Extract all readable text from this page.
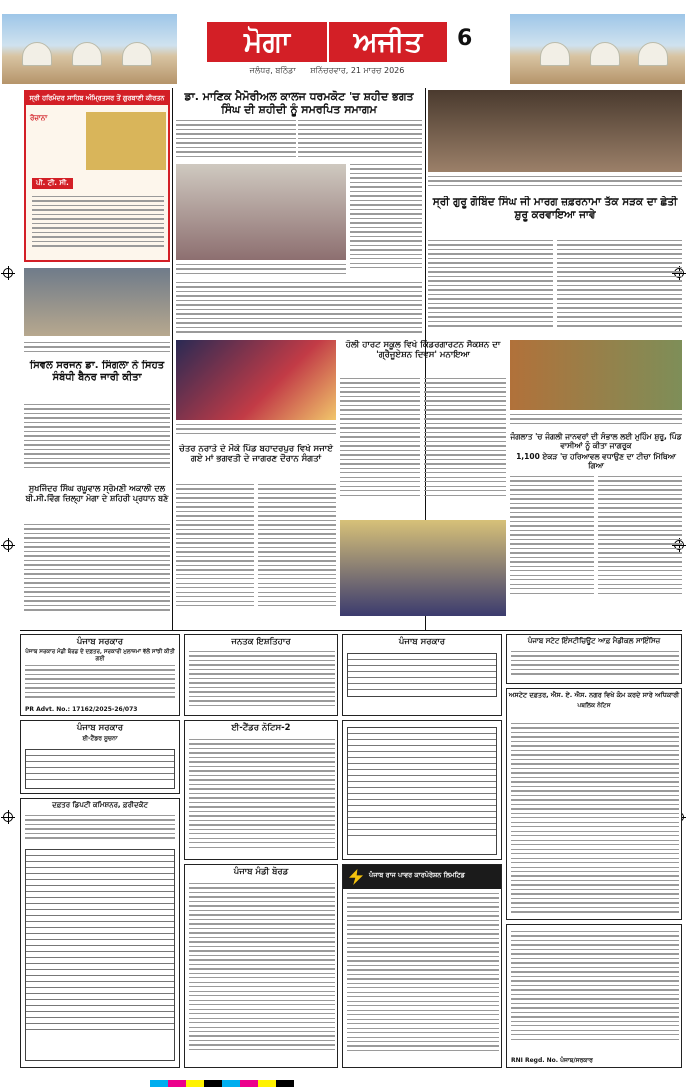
ਮੋਗਾ	ਅਜੀਤ	6
ਜਲੰਧਰ, ਬਠਿੰਡਾ ਸ਼ਨਿੱਚਰਵਾਰ, 21 ਮਾਰਚ 2026
ਸ੍ਰੀ ਹਰਿਮੰਦਰ ਸਾਹਿਬ ਅੰਮ੍ਰਿਤਸਰ ਤੋਂ ਗੁਰਬਾਣੀ ਕੀਰਤਨ
ਰੋਜ਼ਾਨਾ
ਪੀ. ਟੀ. ਸੀ.
ਡਾ. ਮਾਣਿਕ ਮੈਮੋਰੀਅਲ ਕਾਲਜ ਧਰਮਕੋਟ 'ਚ ਸ਼ਹੀਦ ਭਗਤ ਸਿੰਘ ਦੀ ਸ਼ਹੀਦੀ ਨੂੰ ਸਮਰਪਿਤ ਸਮਾਗਮ
ਸ੍ਰੀ ਗੁਰੂ ਗੋਬਿੰਦ ਸਿੰਘ ਜੀ ਮਾਰਗ ਜ਼ਫ਼ਰਨਾਮਾ ਤੱਕ ਸੜਕ ਦਾ ਛੇਤੀ ਸ਼ੁਰੂ ਕਰਵਾਇਆ ਜਾਵੇ
ਸਿਵਲ ਸਰਜਨ ਡਾ. ਸਿੰਗਲਾ ਨੇ ਸਿਹਤ ਸੰਬੰਧੀ ਬੈਨਰ ਜਾਰੀ ਕੀਤਾ
ਸੁਖਜਿੰਦਰ ਸਿੰਘ ਰਘੂਵਾਲ ਸ੍ਰੋਮਣੀ ਅਕਾਲੀ ਦਲ ਬੀ.ਸੀ.ਵਿੰਗ ਜ਼ਿਲ੍ਹਾ ਮੋਗਾ ਦੇ ਸ਼ਹਿਰੀ ਪ੍ਰਧਾਨ ਬਣੇ
ਚੇਤਰ ਨਰਾਤੇ ਦੇ ਮੌਕੇ ਪਿੰਡ ਬਹਾਦਰਪੁਰ ਵਿਖੇ ਸਜਾਏ ਗਏ ਮਾਂ ਭਗਵਤੀ ਦੇ ਜਾਗਰਣ ਦੌਰਾਨ ਸੰਗਤਾਂ
ਹੋਲੀ ਹਾਰਟ ਸਕੂਲ ਵਿਖੇ ਕਿੰਡਰਗਾਰਟਨ ਸੈਕਸ਼ਨ ਦਾ 'ਗ੍ਰੈਜੂਏਸ਼ਨ ਦਿਵਸ' ਮਨਾਇਆ
ਜੰਗਲਾਤ 'ਚ ਜੰਗਲੀ ਜਾਨਵਰਾਂ ਦੀ ਸੰਭਾਲ ਲਈ ਮੁਹਿੰਮ ਸ਼ੁਰੂ, ਪਿੰਡ ਵਾਸੀਆਂ ਨੂੰ ਕੀਤਾ ਜਾਗਰੂਕ
1,100 ਏਕੜ 'ਚ ਹਰਿਆਵਲ ਵਧਾਉਣ ਦਾ ਟੀਚਾ ਮਿੱਥਿਆ ਗਿਆ
ਪੰਜਾਬ ਸਰਕਾਰ
ਪੰਜਾਬ ਸਰਕਾਰ ਮੰਡੀ ਬੋਰਡ ਦੇ ਦਫ਼ਤਰ, ਸਰਕਾਰੀ ਮੁਲਾਜ਼ਮਾਂ ਵੱਲੋਂ ਸਾਂਝੀ ਕੀਤੀ ਗਈ
PR Advt. No.: 17162/2025-26/073
ਜਨਤਕ ਇਸ਼ਤਿਹਾਰ	ਪੰਜਾਬ ਸਰਕਾਰ	ਪੰਜਾਬ ਸਟੇਟ ਇੰਸਟੀਚਿਊਟ ਆਫ਼ ਮੈਡੀਕਲ ਸਾਇੰਸਿਜ਼
ਅਸਟੇਟ ਦਫ਼ਤਰ, ਐਸ. ਏ. ਐਸ. ਨਗਰ ਵਿਖੇ ਕੰਮ ਕਰਦੇ ਸਾਰੇ ਅਧਿਕਾਰੀ
ਪਬਲਿਕ ਨੋਟਿਸ
ਪੰਜਾਬ ਸਰਕਾਰ
ਈ-ਟੈਂਡਰ ਸੂਚਨਾ
ਈ-ਟੈਂਡਰ ਨੋਟਿਸ-2
ਦਫ਼ਤਰ ਡਿਪਟੀ ਕਮਿਸ਼ਨਰ, ਫ਼ਰੀਦਕੋਟ
ਪੰਜਾਬ ਮੰਡੀ ਬੋਰਡ	ਪੰਜਾਬ ਰਾਜ ਪਾਵਰ ਕਾਰਪੋਰੇਸ਼ਨ ਲਿਮਟਿਡ
RNI Regd. No. ਪੰਜਾਬ/ਸਰਕਾਰ
